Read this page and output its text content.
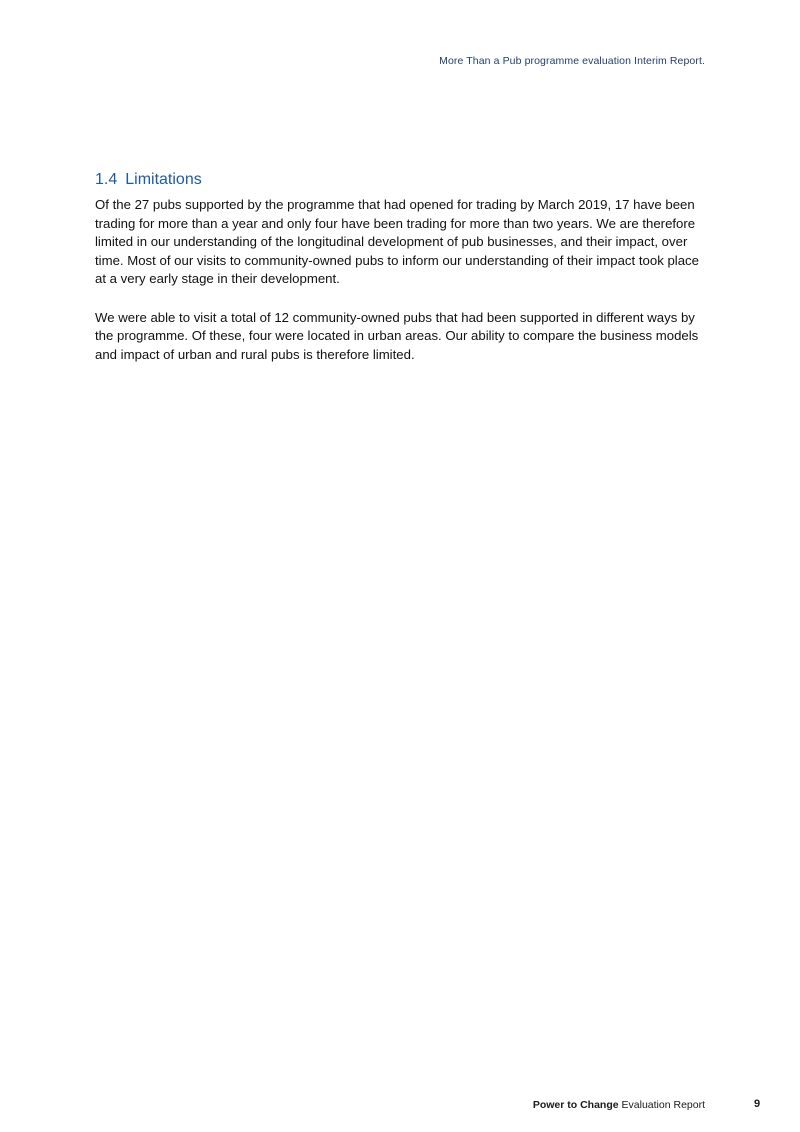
More Than a Pub programme evaluation Interim Report.
1.4 Limitations

Of the 27 pubs supported by the programme that had opened for trading by March 2019, 17 have been trading for more than a year and only four have been trading for more than two years. We are therefore limited in our understanding of the longitudinal development of pub businesses, and their impact, over time. Most of our visits to community-owned pubs to inform our understanding of their impact took place at a very early stage in their development.

We were able to visit a total of 12 community-owned pubs that had been supported in different ways by the programme. Of these, four were located in urban areas. Our ability to compare the business models and impact of urban and rural pubs is therefore limited.

Power to Change Evaluation Report	9
